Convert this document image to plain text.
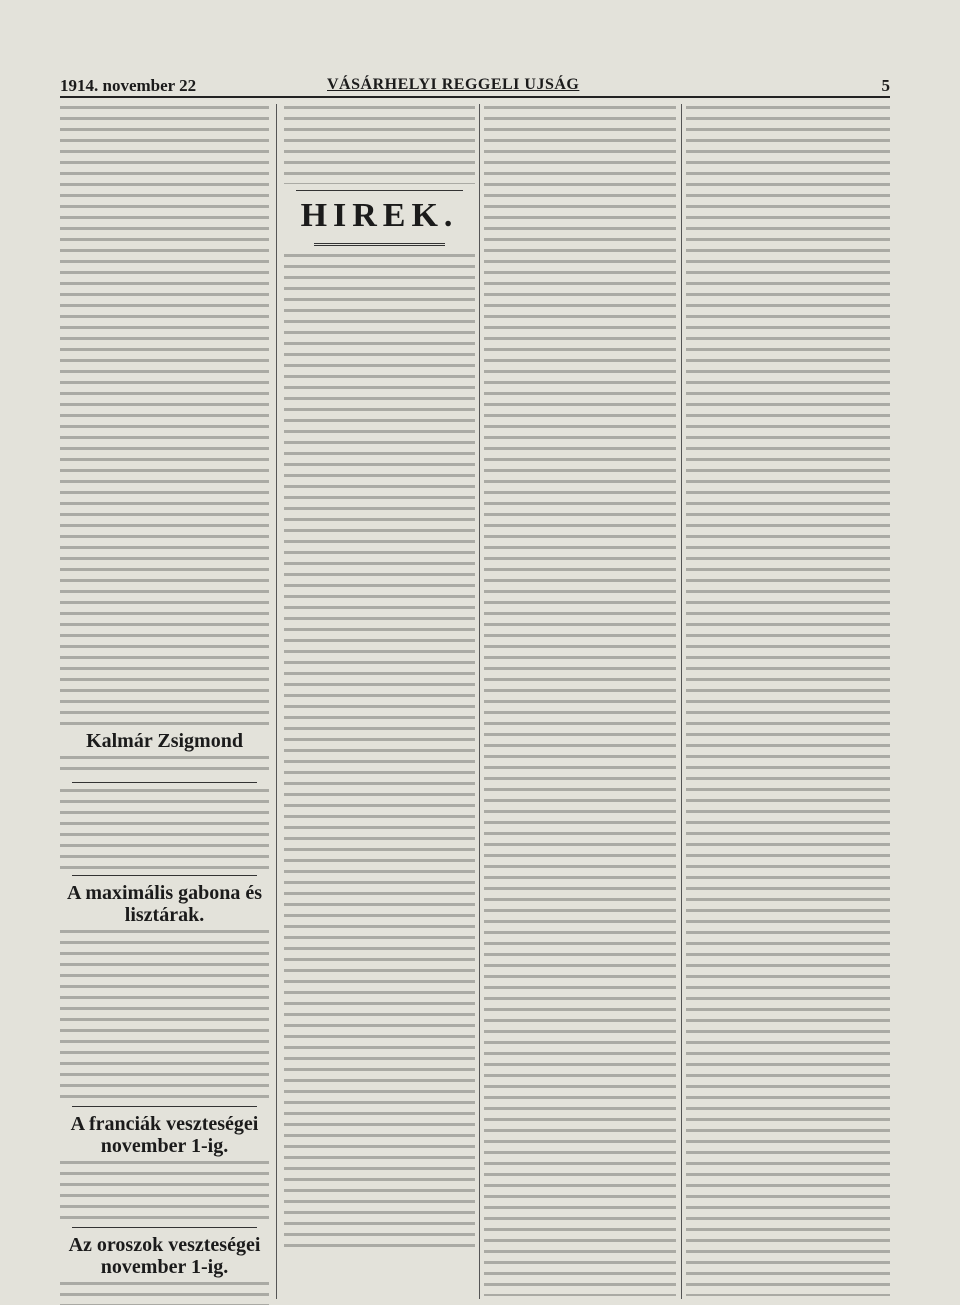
1914. november 22	VÁSÁRHELYI REGGELI UJSÁG	5
Kalmár Zsigmond
A maximális gabona és lisztárak.
A franciák veszteségei november 1-ig.
Az oroszok veszteségei november 1-ig.
HIREK.
